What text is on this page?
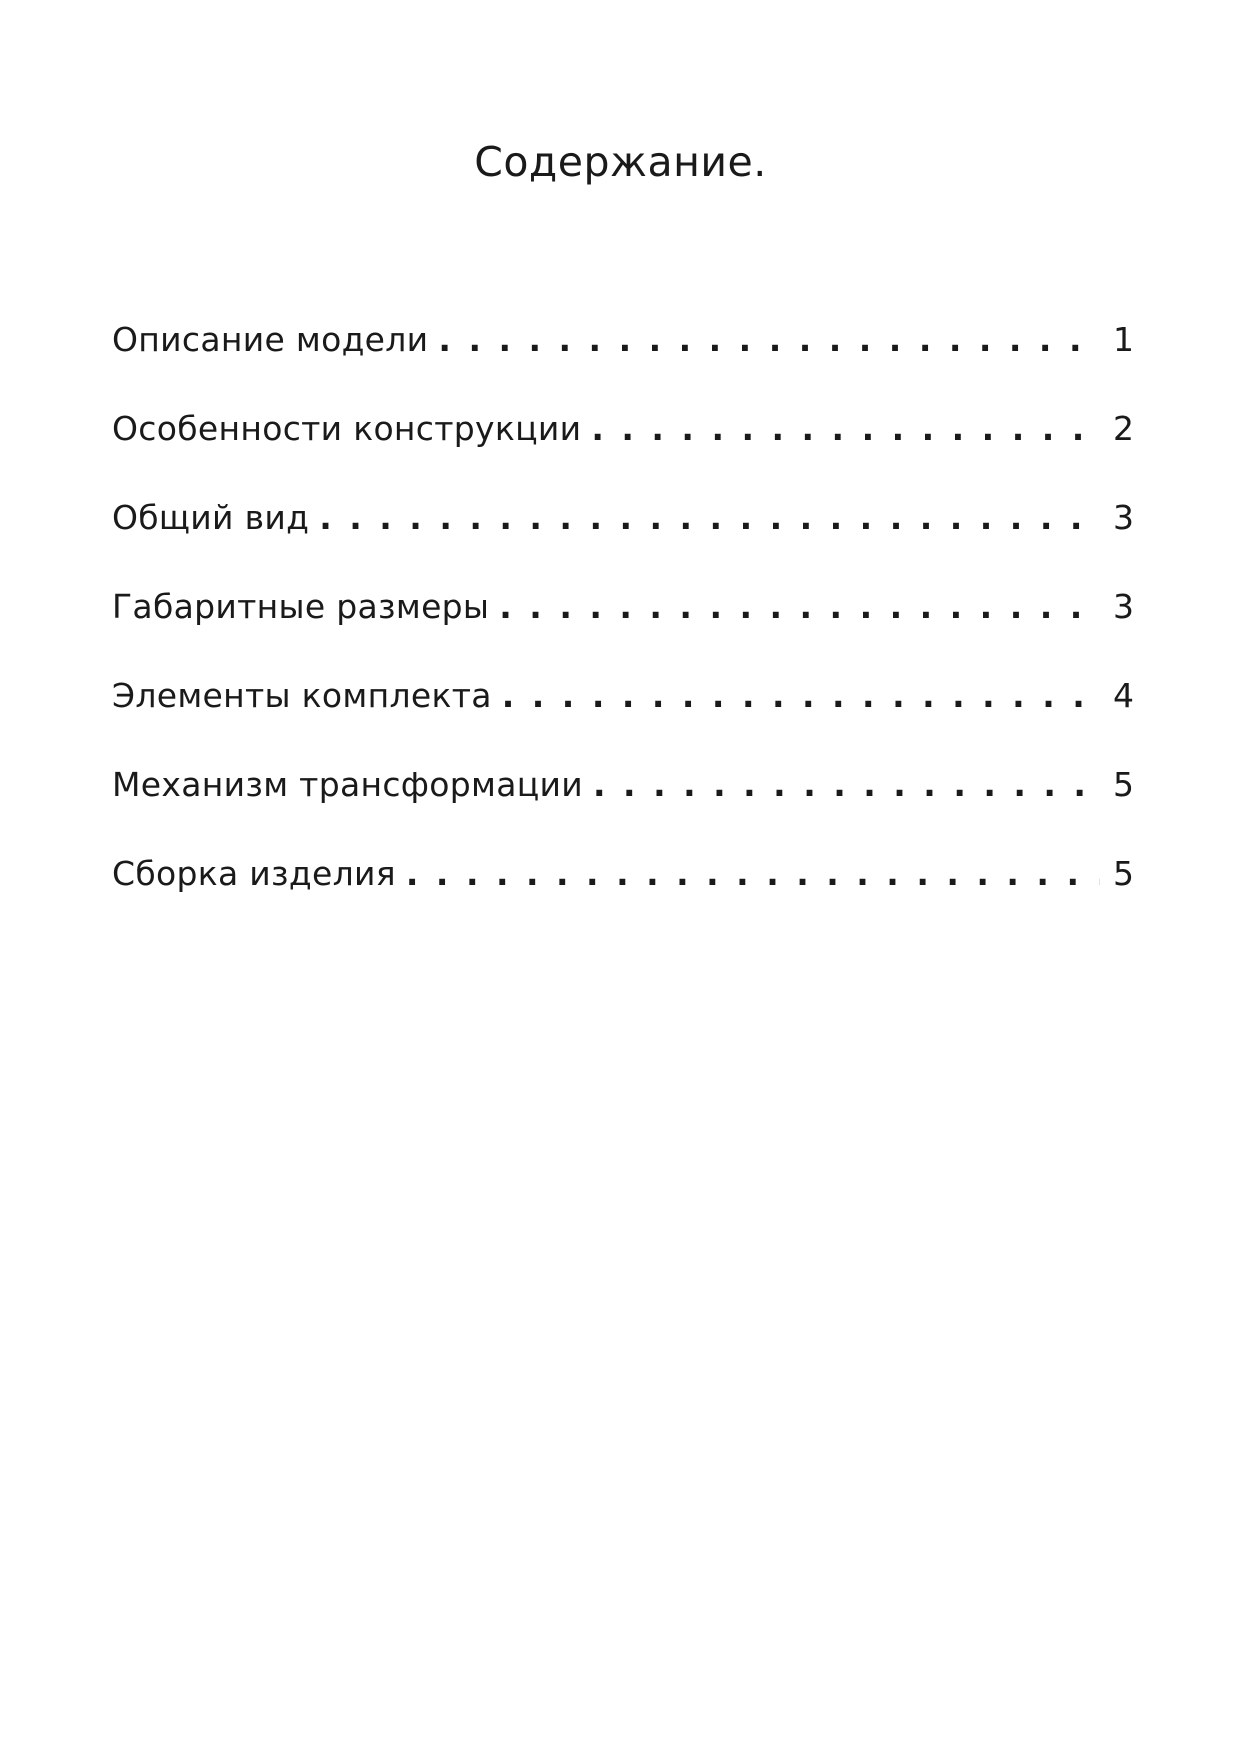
Содержание.
Описание модели . . .	1
Особенности конструкции . . .	2
Общий вид . . .	3
Габаритные размеры . . .	3
Элементы комплекта . . .	4
Механизм трансформации . . .	5
Сборка изделия . . .	5
